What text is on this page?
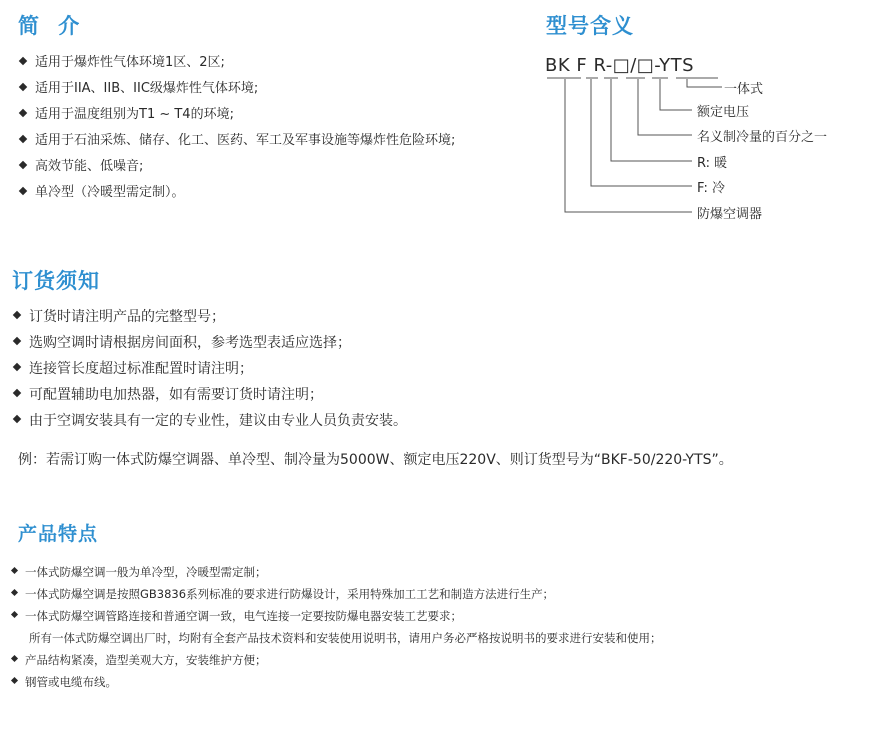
简 介
适用于爆炸性气体环境1区、2区;
适用于IIA、IIB、IIC级爆炸性气体环境;
适用于温度组别为T1 ~ T4的环境;
适用于石油采炼、储存、化工、医药、军工及军事设施等爆炸性危险环境;
高效节能、低噪音;
单冷型（冷暖型需定制）。
型号含义
BK F R-□/□-YTS
一体式
额定电压
名义制冷量的百分之一
R: 暖
F: 冷
防爆空调器
订货须知
订货时请注明产品的完整型号；
选购空调时请根据房间面积，参考选型表适应选择；
连接管长度超过标准配置时请注明；
可配置辅助电加热器，如有需要订货时请注明；
由于空调安装具有一定的专业性，建议由专业人员负责安装。
例：若需订购一体式防爆空调器、单冷型、制冷量为5000W、额定电压220V、则订货型号为“BKF-50/220-YTS”。
产品特点
一体式防爆空调一般为单冷型，冷暖型需定制；
一体式防爆空调是按照GB3836系列标准的要求进行防爆设计，采用特殊加工工艺和制造方法进行生产；
一体式防爆空调管路连接和普通空调一致，电气连接一定要按防爆电器安装工艺要求；
所有一体式防爆空调出厂时，均附有全套产品技术资料和安装使用说明书，请用户务必严格按说明书的要求进行安装和使用；
产品结构紧凑，造型美观大方，安装维护方便；
钢管或电缆布线。
